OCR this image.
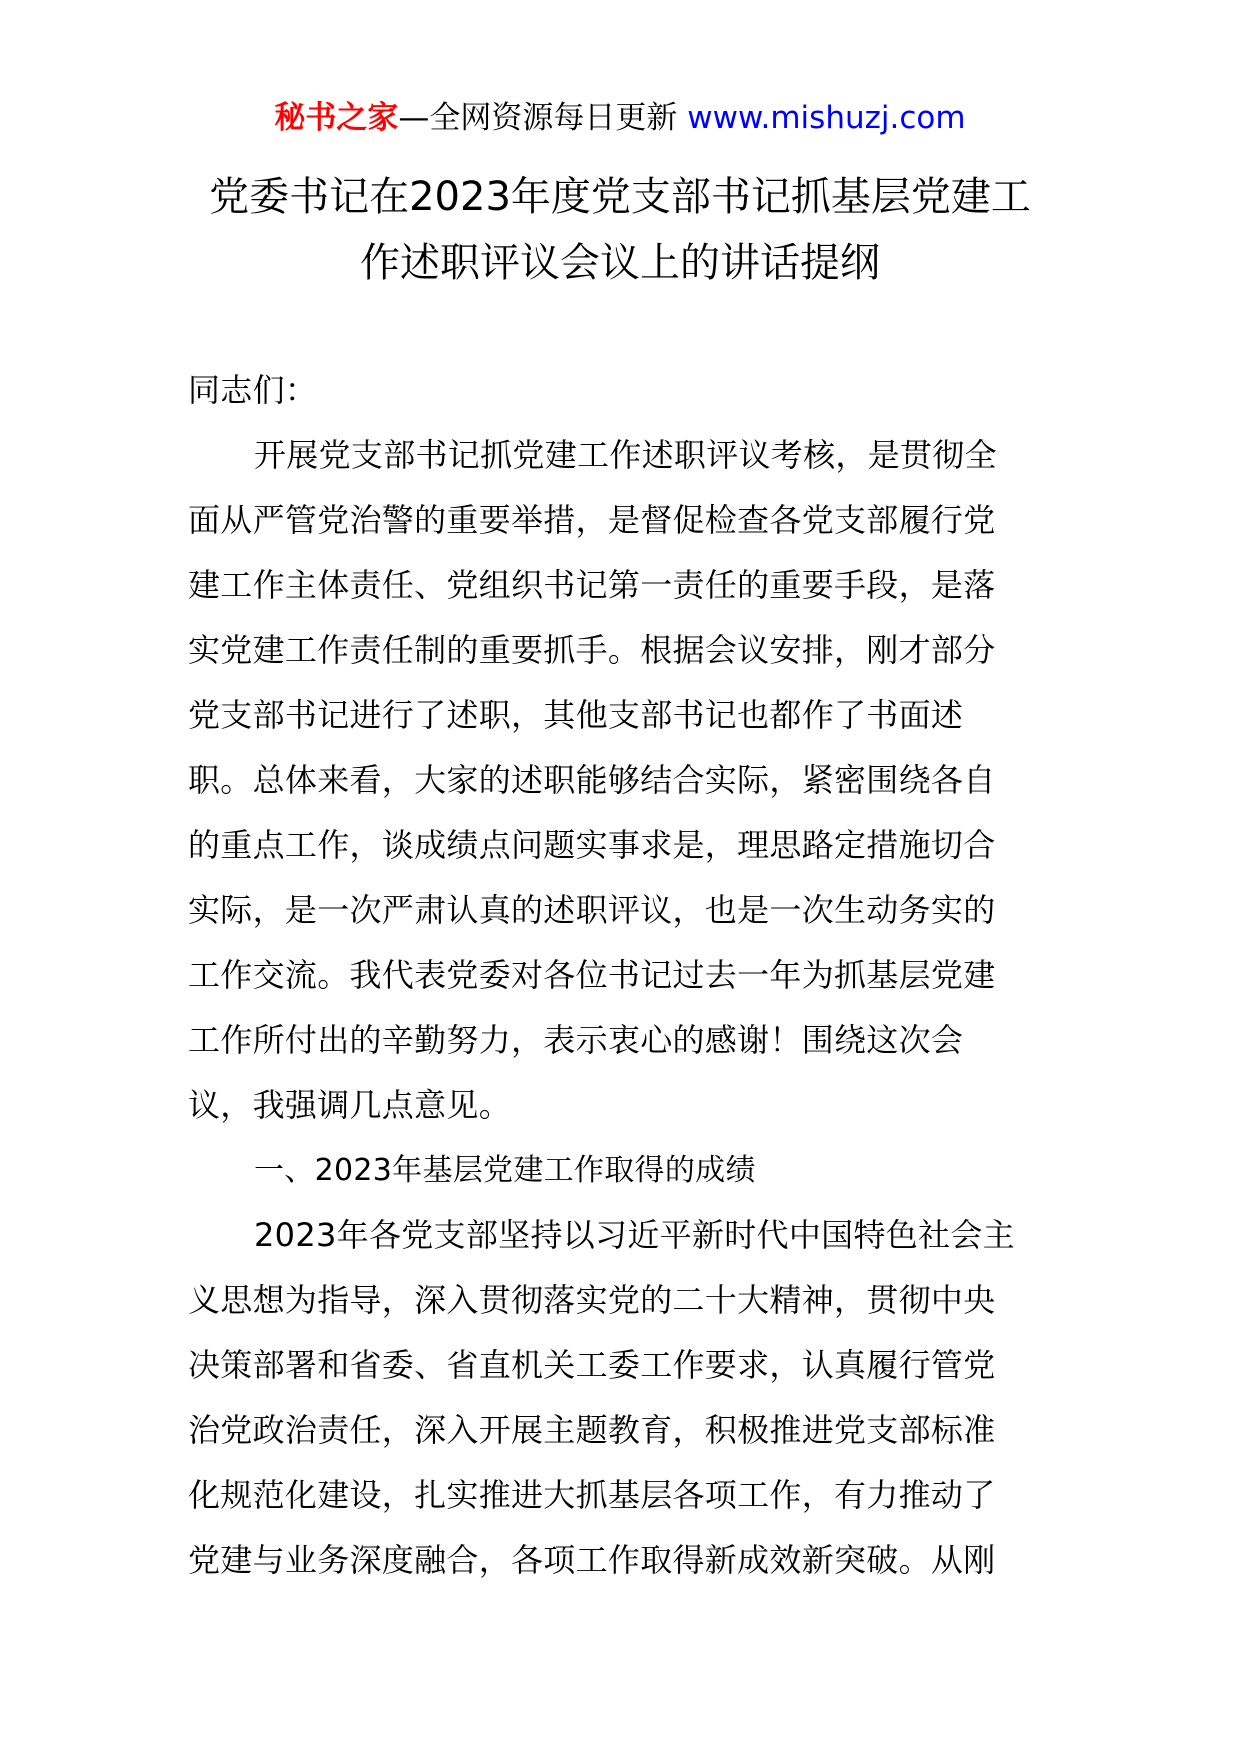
秘书之家—全网资源每日更新 www.mishuzj.com
党委书记在2023年度党支部书记抓基层党建工
作述职评议会议上的讲话提纲

同志们：

开展党支部书记抓党建工作述职评议考核，是贯彻全

面从严管党治警的重要举措，是督促检查各党支部履行党

建工作主体责任、党组织书记第一责任的重要手段，是落

实党建工作责任制的重要抓手。根据会议安排，刚才部分

党支部书记进行了述职，其他支部书记也都作了书面述

职。总体来看，大家的述职能够结合实际，紧密围绕各自

的重点工作，谈成绩点问题实事求是，理思路定措施切合

实际，是一次严肃认真的述职评议，也是一次生动务实的

工作交流。我代表党委对各位书记过去一年为抓基层党建

工作所付出的辛勤努力，表示衷心的感谢！围绕这次会

议，我强调几点意见。

一、2023年基层党建工作取得的成绩

2023年各党支部坚持以习近平新时代中国特色社会主

义思想为指导，深入贯彻落实党的二十大精神，贯彻中央

决策部署和省委、省直机关工委工作要求，认真履行管党

治党政治责任，深入开展主题教育，积极推进党支部标准

化规范化建设，扎实推进大抓基层各项工作，有力推动了

党建与业务深度融合，各项工作取得新成效新突破。从刚
